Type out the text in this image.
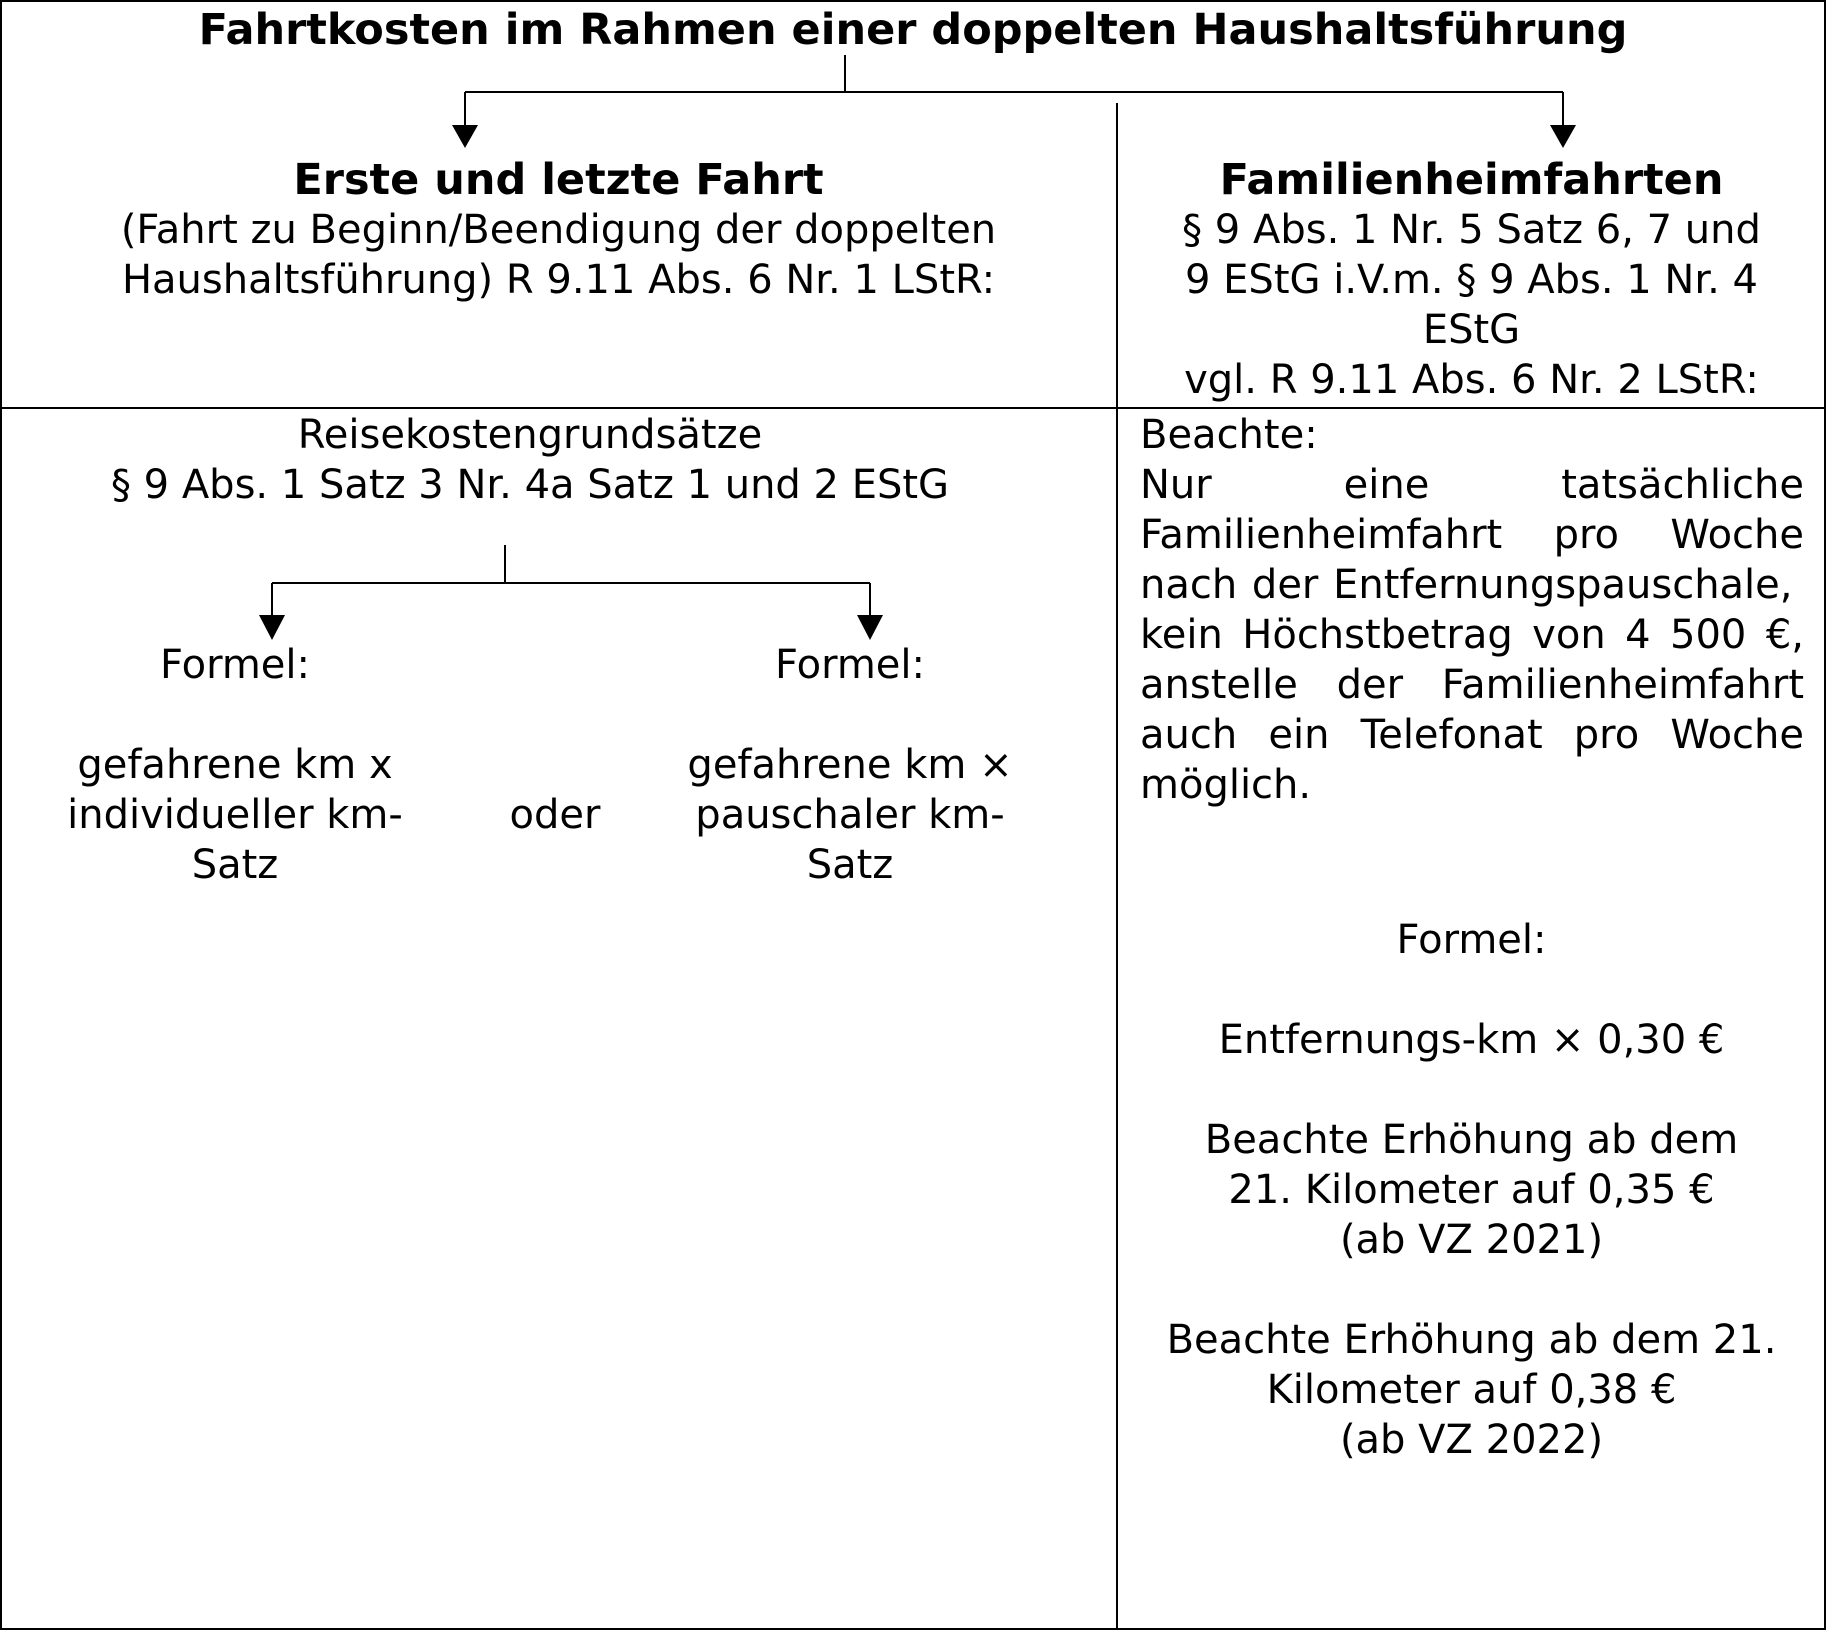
Fahrtkosten im Rahmen einer doppelten Haushaltsführung
Erste und letzte Fahrt
(Fahrt zu Beginn/Beendigung der doppelten
Haushaltsführung) R 9.11 Abs. 6 Nr. 1 LStR:
Familienheimfahrten
§ 9 Abs. 1 Nr. 5 Satz 6, 7 und
9 EStG i.V.m. § 9 Abs. 1 Nr. 4
EStG
vgl. R 9.11 Abs. 6 Nr. 2 LStR:
Reisekostengrundsätze
§ 9 Abs. 1 Satz 3 Nr. 4a Satz 1 und 2 EStG
Formel:
gefahrene km x
individueller km-
Satz
oder
Formel:
gefahrene km ×
pauschaler km-
Satz
Beachte:
Nur eine tatsächliche Familienheimfahrt pro Woche nach der Entfernungspauschale,
kein Höchstbetrag von 4 500 €, anstelle der Familienheimfahrt auch ein Telefonat pro Woche möglich.
Formel:
Entfernungs-km × 0,30 €
Beachte Erhöhung ab dem
21. Kilometer auf 0,35 €
(ab VZ 2021)
Beachte Erhöhung ab dem 21.
Kilometer auf 0,38 €
(ab VZ 2022)
